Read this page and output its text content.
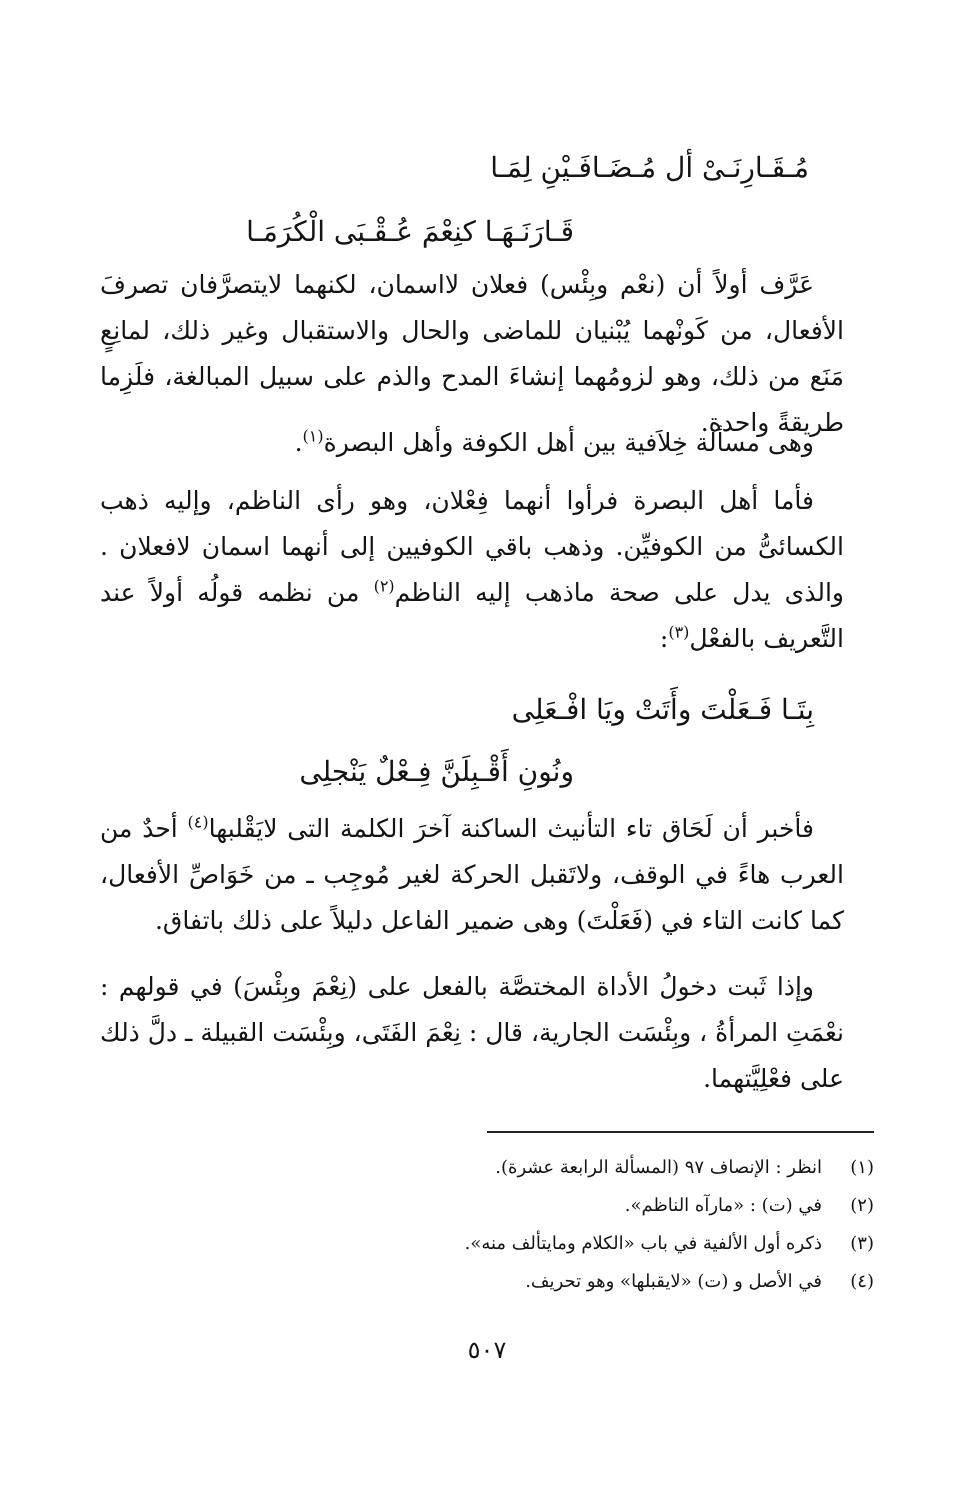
مُـقَـارِنَـىْ أل مُـضَـافَـيْنِ لِمَـا
قَـارَنَـهَـا كنِعْمَ عُـقْـبَى الْكُرَمَـا

عَرَّف أولاً أن (نعْم وبِئْس) فعلان لااسمان، لكنهما لايتصرَّفان تصرفَ الأفعال، من كَونْهما يُبْنيان للماضى والحال والاستقبال وغير ذلك، لمانِعٍ مَنَع من ذلك، وهو لزومُهما إنشاءَ المدح والذم على سبيل المبالغة، فلَزِما طريقةً واحدة.

وهى مسألة خِلاَفية بين أهل الكوفة وأهل البصرة$^{(١)}$.

فأما أهل البصرة فرأوا أنهما فِعْلان، وهو رأى الناظم، وإليه ذهب الكسائىُّ من الكوفيِّن. وذهب باقي الكوفيين إلى أنهما اسمان لافعلان . والذى يدل على صحة ماذهب إليه الناظم$^{(٢)}$ من نظمه قولُه أولاً عند التَّعريف بالفعْل$^{(٣)}$:

بِتَـا فَـعَلْتَ وأَتَتْ ويَا افْـعَلِى
ونُونِ أَقْـبِلَنَّ فِـعْلٌ يَنْجلِى

فأخبر أن لَحَاق تاء التأنيث الساكنة آخرَ الكلمة التى لايَقْلبها$^{(٤)}$ أحدٌ من العرب هاءً في الوقف، ولاتَقبل الحركة لغير مُوجِب ـ من خَوَاصِّ الأفعال، كما كانت التاء في (فَعَلْتَ) وهى ضمير الفاعل دليلاً على ذلك باتفاق.

وإذا ثَبت دخولُ الأداة المختصَّة بالفعل على (نِعْمَ وبِئْسَ) في قولهم : نعْمَتِ المرأةُ ، وبِئْسَت الجارية، قال : نِعْمَ الفَتَى، وبِئْسَت القبيلة ـ دلَّ ذلك على فعْلِيَّتهما.

(١)
انظر : الإنصاف ٩٧ (المسألة الرابعة عشرة).
(٢)
في (ت) : «مارآه الناظم».
(٣)
ذكره أول الألفية في باب «الكلام ومايتألف منه».
(٤)
في الأصل و (ت) «لايقبلها» وهو تحريف.
٥٠٧
